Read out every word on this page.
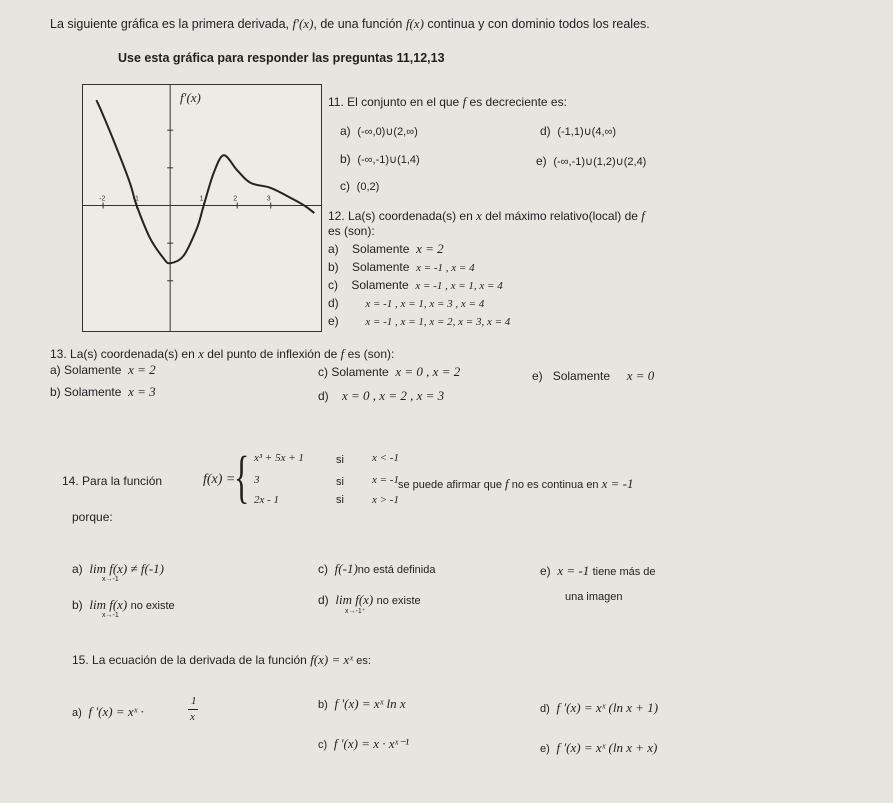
La siguiente gráfica es la primera derivada, f′(x), de una función f(x) continua y con dominio todos los reales.
Use esta gráfica para responder las preguntas 11,12,13
-2	-1	1	2	3
f′(x)	11. El conjunto en el que f es decreciente es:
a) (-∞,0)∪(2,∞)
b) (-∞,-1)∪(1,4)
c) (0,2)
d) (-1,1)∪(4,∞)
e) (-∞,-1)∪(1,2)∪(2,4)
12. La(s) coordenada(s) en x del máximo relativo(local) de f
es (son):
a) Solamente x = 2
b) Solamente x = -1 , x = 4
c) Solamente x = -1 , x = 1, x = 4
d) x = -1 , x = 1, x = 3 , x = 4
e) x = -1 , x = 1, x = 2, x = 3, x = 4
13. La(s) coordenada(s) en x del punto de inflexión de f es (son):
a) Solamente x = 2
b) Solamente x = 3
c) Solamente x = 0 , x = 2
d) x = 0 , x = 2 , x = 3
e) Solamente x = 0
14. Para la función	f(x) =
{ x³ + 5x + 1	si	x < -1
3	si	x = -1
2x - 1	si	x > -1
se puede afirmar que f no es continua en x = -1
porque:
a) lim f(x) ≠ f(-1)
x→-1
b) lim f(x) no existe
x→-1
c) f(-1)no está definida
d) lim f(x) no existe
x→-1⁺
e) x = -1 tiene más de
una imagen
15. La ecuación de la derivada de la función f(x) = xˣ es:
a) f ′(x) = xˣ ·
1
x
b) f ′(x) = xˣ ln x
c) f ′(x) = x · xˣ⁻¹
d) f ′(x) = xˣ (ln x + 1)
e) f ′(x) = xˣ (ln x + x)
